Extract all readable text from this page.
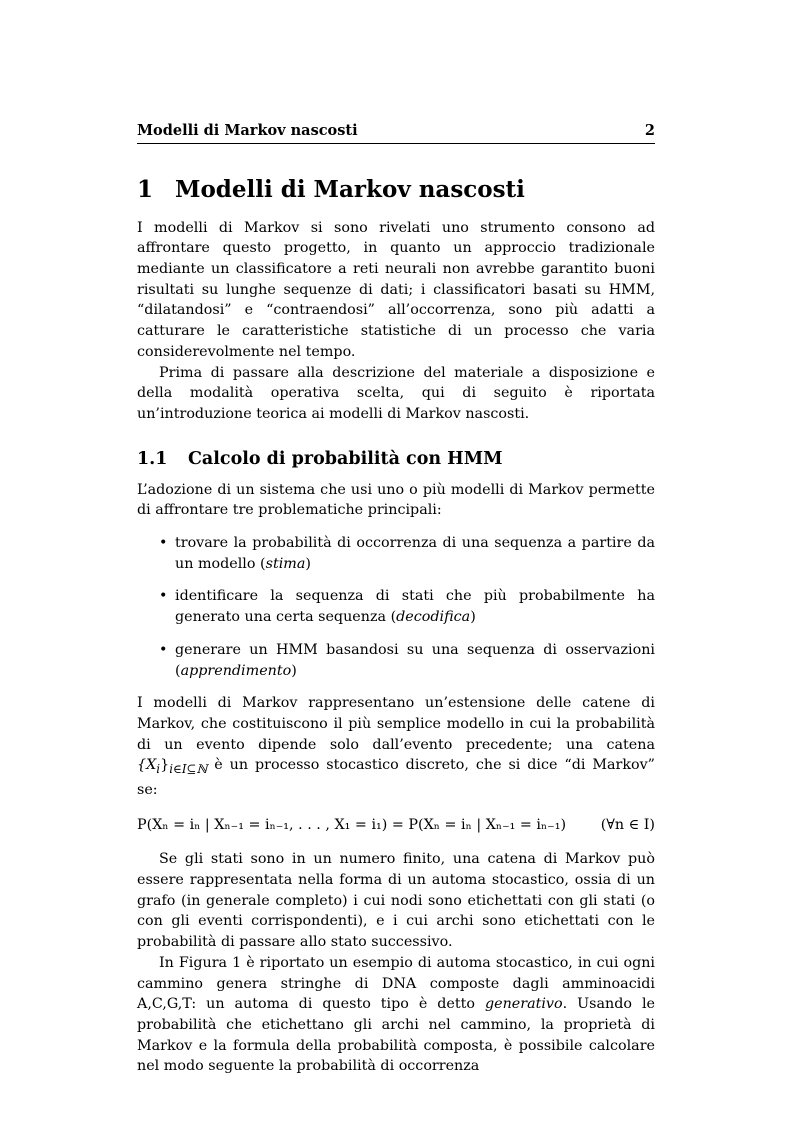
Modelli di Markov nascosti	2
1 Modelli di Markov nascosti

I modelli di Markov si sono rivelati uno strumento consono ad affrontare questo progetto, in quanto un approccio tradizionale mediante un classificatore a reti neurali non avrebbe garantito buoni risultati su lunghe sequenze di dati; i classificatori basati su HMM, “dilatandosi” e “contraendosi” all’occorrenza, sono più adatti a catturare le caratteristiche statistiche di un processo che varia considerevolmente nel tempo.

Prima di passare alla descrizione del materiale a disposizione e della modalità operativa scelta, qui di seguito è riportata un’introduzione teorica ai modelli di Markov nascosti.

1.1 Calcolo di probabilità con HMM

L’adozione di un sistema che usi uno o più modelli di Markov permette di affrontare tre problematiche principali:

• trovare la probabilità di occorrenza di una sequenza a partire da un modello (stima)
• identificare la sequenza di stati che più probabilmente ha generato una certa sequenza (decodifica)
• generare un HMM basandosi su una sequenza di osservazioni (apprendimento)

I modelli di Markov rappresentano un’estensione delle catene di Markov, che costituiscono il più semplice modello in cui la probabilità di un evento dipende solo dall’evento precedente; una catena $\{X_i\}_{i\in I⊆ℕ}$ è un processo stocastico discreto, che si dice “di Markov” se:

P(Xₙ = iₙ | Xₙ₋₁ = iₙ₋₁, . . . , X₁ = i₁) = P(Xₙ = iₙ | Xₙ₋₁ = iₙ₋₁) (∀n ∈ I)

Se gli stati sono in un numero finito, una catena di Markov può essere rappresentata nella forma di un automa stocastico, ossia di un grafo (in generale completo) i cui nodi sono etichettati con gli stati (o con gli eventi corrispondenti), e i cui archi sono etichettati con le probabilità di passare allo stato successivo.

In Figura 1 è riportato un esempio di automa stocastico, in cui ogni cammino genera stringhe di DNA composte dagli amminoacidi A,C,G,T: un automa di questo tipo è detto generativo. Usando le probabilità che etichettano gli archi nel cammino, la proprietà di Markov e la formula della probabilità composta, è possibile calcolare nel modo seguente la probabilità di occorrenza
